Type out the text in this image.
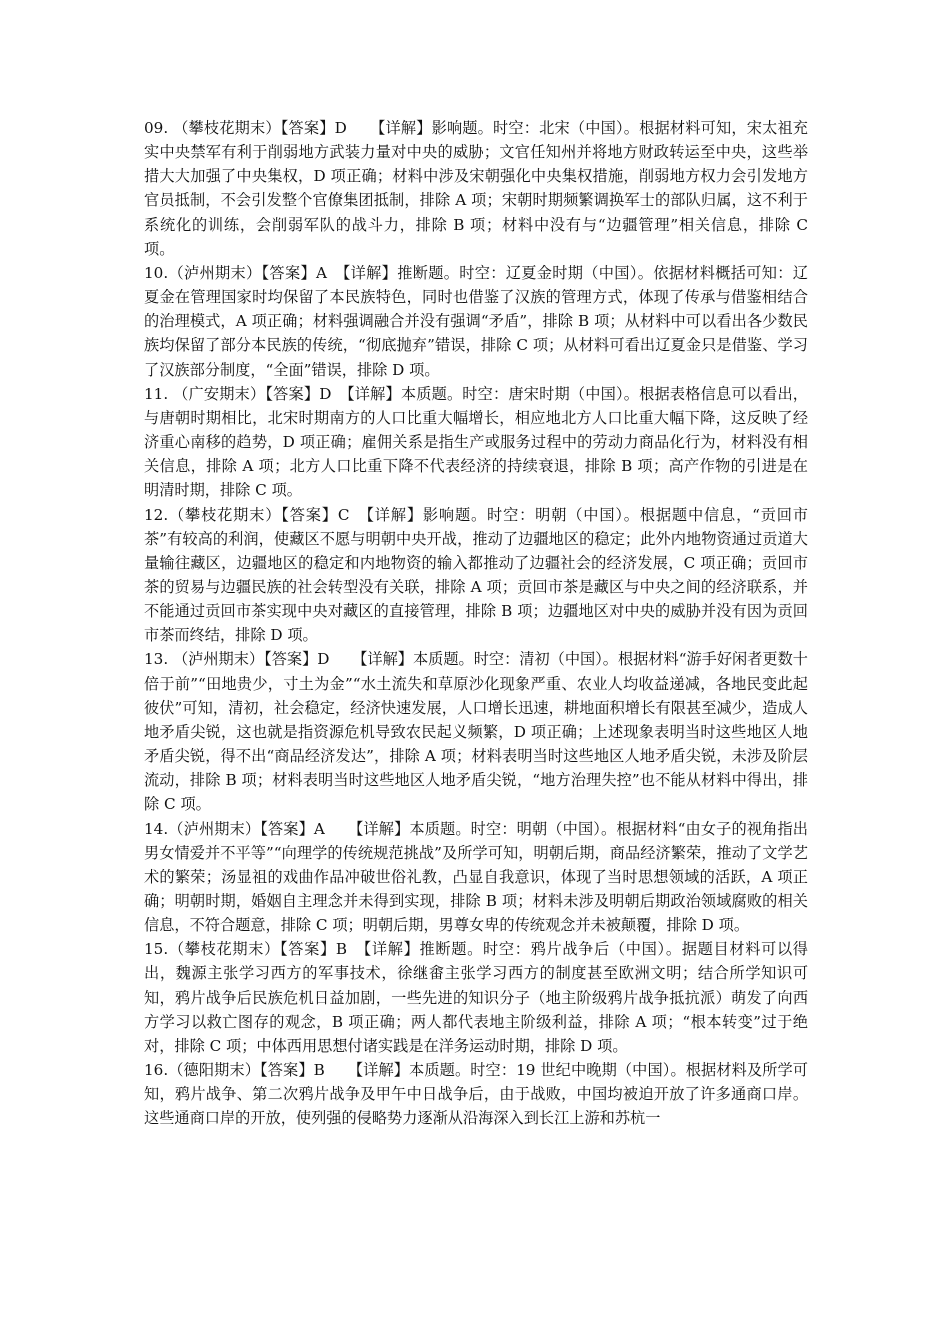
09. （攀枝花期末）【答案】D　　【详解】影响题。时空：北宋（中国）。根据材料可知，宋太祖充实中央禁军有利于削弱地方武装力量对中央的威胁；文官任知州并将地方财政转运至中央，这些举措大大加强了中央集权，D 项正确；材料中涉及宋朝强化中央集权措施，削弱地方权力会引发地方官员抵制，不会引发整个官僚集团抵制，排除 A 项；宋朝时期频繁调换军士的部队归属，这不利于系统化的训练，会削弱军队的战斗力，排除 B 项；材料中没有与“边疆管理”相关信息，排除 C 项。

10.（泸州期末）【答案】A　【详解】推断题。时空：辽夏金时期（中国）。依据材料概括可知：辽夏金在管理国家时均保留了本民族特色，同时也借鉴了汉族的管理方式，体现了传承与借鉴相结合的治理模式，A 项正确；材料强调融合并没有强调“矛盾”，排除 B 项；从材料中可以看出各少数民族均保留了部分本民族的传统，“彻底抛弃”错误，排除 C 项；从材料可看出辽夏金只是借鉴、学习了汉族部分制度，“全面”错误，排除 D 项。

11. （广安期末）【答案】D　【详解】本质题。时空：唐宋时期（中国）。根据表格信息可以看出，与唐朝时期相比，北宋时期南方的人口比重大幅增长，相应地北方人口比重大幅下降，这反映了经济重心南移的趋势，D 项正确；雇佣关系是指生产或服务过程中的劳动力商品化行为，材料没有相关信息，排除 A 项；北方人口比重下降不代表经济的持续衰退，排除 B 项；高产作物的引进是在明清时期，排除 C 项。

12.（攀枝花期末）【答案】C　【详解】影响题。时空：明朝（中国）。根据题中信息，“贡回市茶”有较高的利润，使藏区不愿与明朝中央开战，推动了边疆地区的稳定；此外内地物资通过贡道大量输往藏区，边疆地区的稳定和内地物资的输入都推动了边疆社会的经济发展，C 项正确；贡回市茶的贸易与边疆民族的社会转型没有关联，排除 A 项；贡回市茶是藏区与中央之间的经济联系，并不能通过贡回市茶实现中央对藏区的直接管理，排除 B 项；边疆地区对中央的威胁并没有因为贡回市茶而终结，排除 D 项。

13. （泸州期末）【答案】D　　【详解】本质题。时空：清初（中国）。根据材料“游手好闲者更数十倍于前”“田地贵少，寸土为金”“水土流失和草原沙化现象严重、农业人均收益递减，各地民变此起彼伏”可知，清初，社会稳定，经济快速发展，人口增长迅速，耕地面积增长有限甚至减少，造成人地矛盾尖锐，这也就是指资源危机导致农民起义频繁，D 项正确；上述现象表明当时这些地区人地矛盾尖锐，得不出“商品经济发达”，排除 A 项；材料表明当时这些地区人地矛盾尖锐，未涉及阶层流动，排除 B 项；材料表明当时这些地区人地矛盾尖锐，“地方治理失控”也不能从材料中得出，排除 C 项。

14.（泸州期末）【答案】A　　【详解】本质题。时空：明朝（中国）。根据材料“由女子的视角指出男女情爱并不平等”“向理学的传统规范挑战”及所学可知，明朝后期，商品经济繁荣，推动了文学艺术的繁荣；汤显祖的戏曲作品冲破世俗礼教，凸显自我意识，体现了当时思想领域的活跃，A 项正确；明朝时期，婚姻自主理念并未得到实现，排除 B 项；材料未涉及明朝后期政治领域腐败的相关信息，不符合题意，排除 C 项；明朝后期，男尊女卑的传统观念并未被颠覆，排除 D 项。

15.（攀枝花期末）【答案】B　【详解】推断题。时空：鸦片战争后（中国）。据题目材料可以得出，魏源主张学习西方的军事技术，徐继畬主张学习西方的制度甚至欧洲文明；结合所学知识可知，鸦片战争后民族危机日益加剧，一些先进的知识分子（地主阶级鸦片战争抵抗派）萌发了向西方学习以救亡图存的观念，B 项正确；两人都代表地主阶级利益，排除 A 项；“根本转变”过于绝对，排除 C 项；中体西用思想付诸实践是在洋务运动时期，排除 D 项。

16.（德阳期末）【答案】B　　【详解】本质题。时空：19 世纪中晚期（中国）。根据材料及所学可知，鸦片战争、第二次鸦片战争及甲午中日战争后，由于战败，中国均被迫开放了许多通商口岸。这些通商口岸的开放，使列强的侵略势力逐渐从沿海深入到长江上游和苏杭一
